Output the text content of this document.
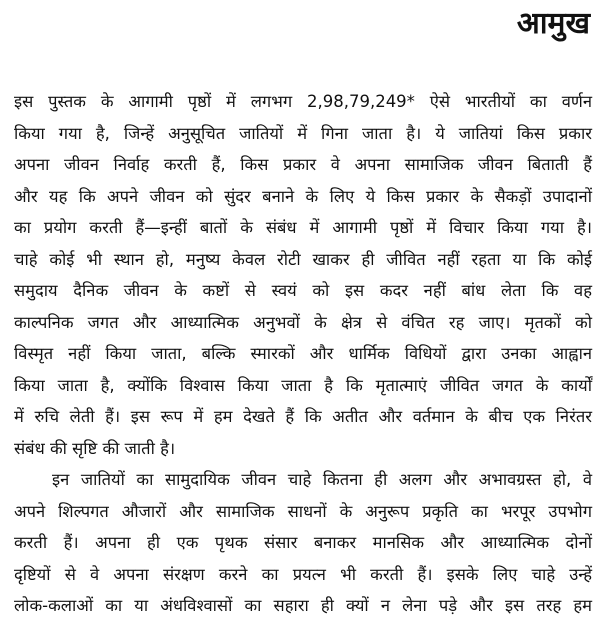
आमुख
इस पुस्तक के आगामी पृष्ठों में लगभग 2,98,79,249* ऐसे भारतीयों का वर्णन
किया गया है, जिन्हें अनुसूचित जातियों में गिना जाता है। ये जातियां किस प्रकार
अपना जीवन निर्वाह करती हैं, किस प्रकार वे अपना सामाजिक जीवन बिताती हैं
और यह कि अपने जीवन को सुंदर बनाने के लिए ये किस प्रकार के सैकड़ों उपादानों
का प्रयोग करती हैं—इन्हीं बातों के संबंध में आगामी पृष्ठों में विचार किया गया है।
चाहे कोई भी स्थान हो, मनुष्य केवल रोटी खाकर ही जीवित नहीं रहता या कि कोई
समुदाय दैनिक जीवन के कष्टों से स्वयं को इस कदर नहीं बांध लेता कि वह
काल्पनिक जगत और आध्यात्मिक अनुभवों के क्षेत्र से वंचित रह जाए। मृतकों को
विस्मृत नहीं किया जाता, बल्कि स्मारकों और धार्मिक विधियों द्वारा उनका आह्वान
किया जाता है, क्योंकि विश्वास किया जाता है कि मृतात्माएं जीवित जगत के कार्यों
में रुचि लेती हैं। इस रूप में हम देखते हैं कि अतीत और वर्तमान के बीच एक निरंतर
संबंध की सृष्टि की जाती है।
इन जातियों का सामुदायिक जीवन चाहे कितना ही अलग और अभावग्रस्त हो, वे
अपने शिल्पगत औजारों और सामाजिक साधनों के अनुरूप प्रकृति का भरपूर उपभोग
करती हैं। अपना ही एक पृथक संसार बनाकर मानसिक और आध्यात्मिक दोनों
दृष्टियों से वे अपना संरक्षण करने का प्रयत्न भी करती हैं। इसके लिए चाहे उन्हें
लोक-कलाओं का या अंधविश्वासों का सहारा ही क्यों न लेना पड़े और इस तरह हम
